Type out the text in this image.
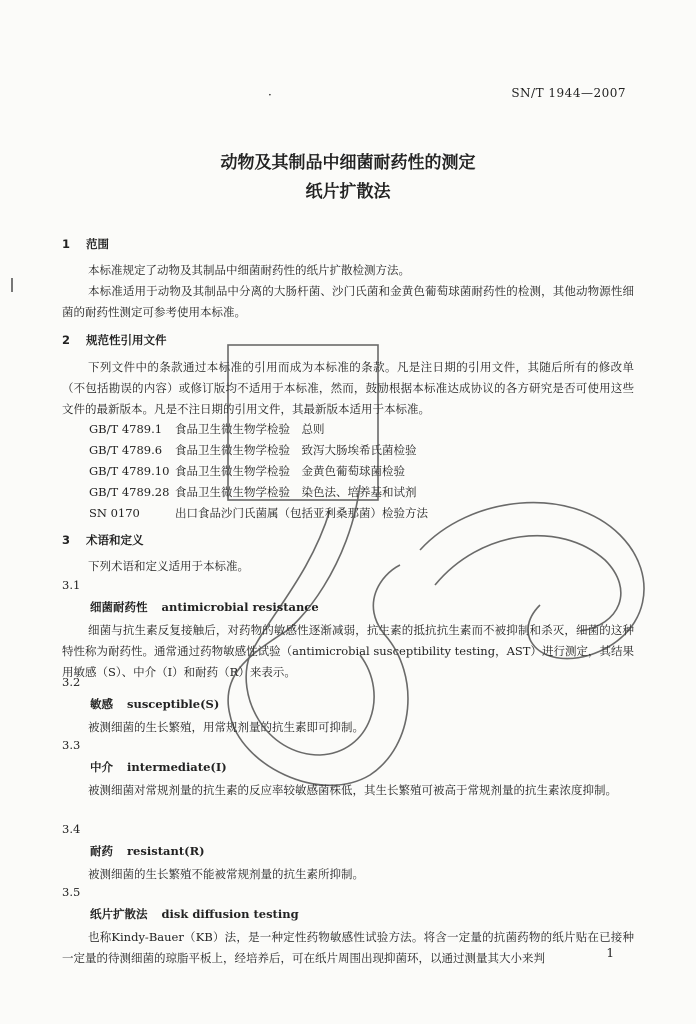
·	SN/T 1944—2007
动物及其制品中细菌耐药性的测定
纸片扩散法
1 范围
本标准规定了动物及其制品中细菌耐药性的纸片扩散检测方法。
本标准适用于动物及其制品中分离的大肠杆菌、沙门氏菌和金黄色葡萄球菌耐药性的检测，其他动物源性细菌的耐药性测定可参考使用本标准。
2 规范性引用文件
下列文件中的条款通过本标准的引用而成为本标准的条款。凡是注日期的引用文件，其随后所有的修改单（不包括勘误的内容）或修订版均不适用于本标准，然而，鼓励根据本标准达成协议的各方研究是否可使用这些文件的最新版本。凡是不注日期的引用文件，其最新版本适用于本标准。
GB/T 4789.1 食品卫生微生物学检验　总则
GB/T 4789.6 食品卫生微生物学检验　致泻大肠埃希氏菌检验
GB/T 4789.10 食品卫生微生物学检验　金黄色葡萄球菌检验
GB/T 4789.28 食品卫生微生物学检验　染色法、培养基和试剂
SN 0170	出口食品沙门氏菌属（包括亚利桑那菌）检验方法
3 术语和定义
下列术语和定义适用于本标准。
3.1
细菌耐药性 antimicrobial resistance
细菌与抗生素反复接触后，对药物的敏感性逐渐减弱，抗生素的抵抗抗生素而不被抑制和杀灭，细菌的这种特性称为耐药性。通常通过药物敏感性试验（antimicrobial susceptibility testing，AST）进行测定，其结果用敏感（S）、中介（I）和耐药（R）来表示。
3.2
敏感 susceptible(S)
被测细菌的生长繁殖，用常规剂量的抗生素即可抑制。
3.3
中介 intermediate(I)
被测细菌对常规剂量的抗生素的反应率较敏感菌株低，其生长繁殖可被高于常规剂量的抗生素浓度抑制。
3.4
耐药 resistant(R)
被测细菌的生长繁殖不能被常规剂量的抗生素所抑制。
3.5
纸片扩散法 disk diffusion testing
也称Kindy-Bauer（KB）法，是一种定性药物敏感性试验方法。将含一定量的抗菌药物的纸片贴在已接种一定量的待测细菌的琼脂平板上，经培养后，可在纸片周围出现抑菌环，以通过测量其大小来判	1
